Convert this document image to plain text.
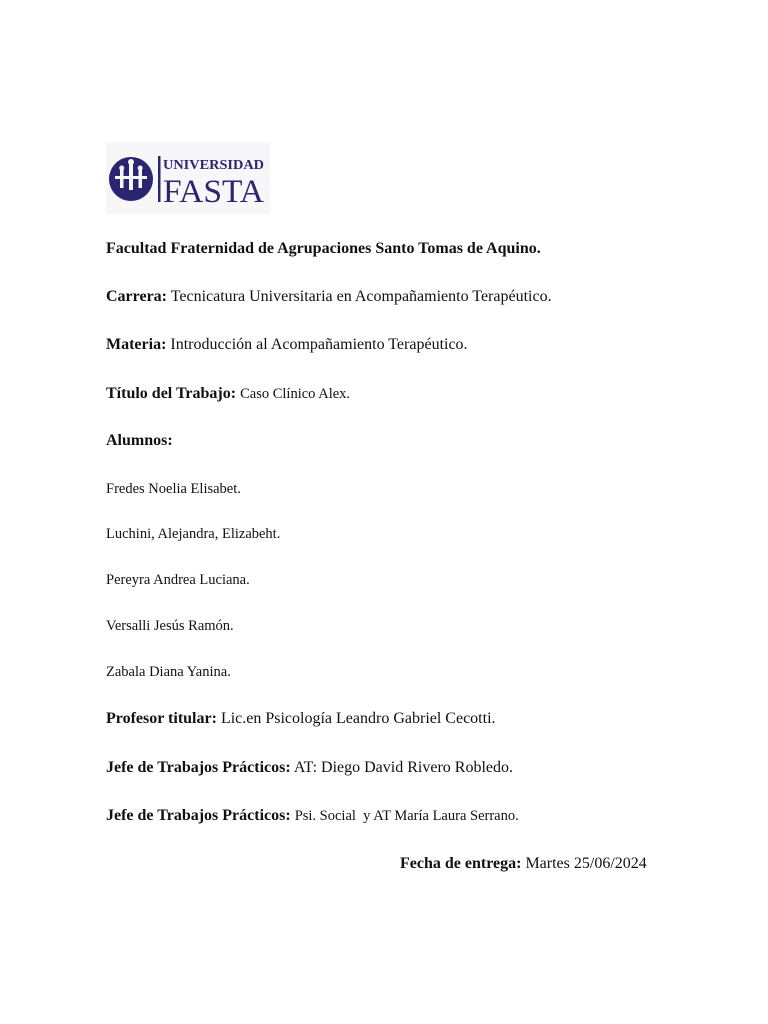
UNIVERSIDAD
FASTA
Facultad Fraternidad de Agrupaciones Santo Tomas de Aquino.
Carrera: Tecnicatura Universitaria en Acompañamiento Terapéutico.
Materia: Introducción al Acompañamiento Terapéutico.
Título del Trabajo: Caso Clínico Alex.
Alumnos:
Fredes Noelia Elisabet.
Luchini, Alejandra, Elizabeht.
Pereyra Andrea Luciana.
Versalli Jesús Ramón.
Zabala Diana Yanina.
Profesor titular: Lic.en Psicología Leandro Gabriel Cecotti.
Jefe de Trabajos Prácticos: AT: Diego David Rivero Robledo.
Jefe de Trabajos Prácticos: Psi. Social  y AT María Laura Serrano.
Fecha de entrega: Martes 25/06/2024
